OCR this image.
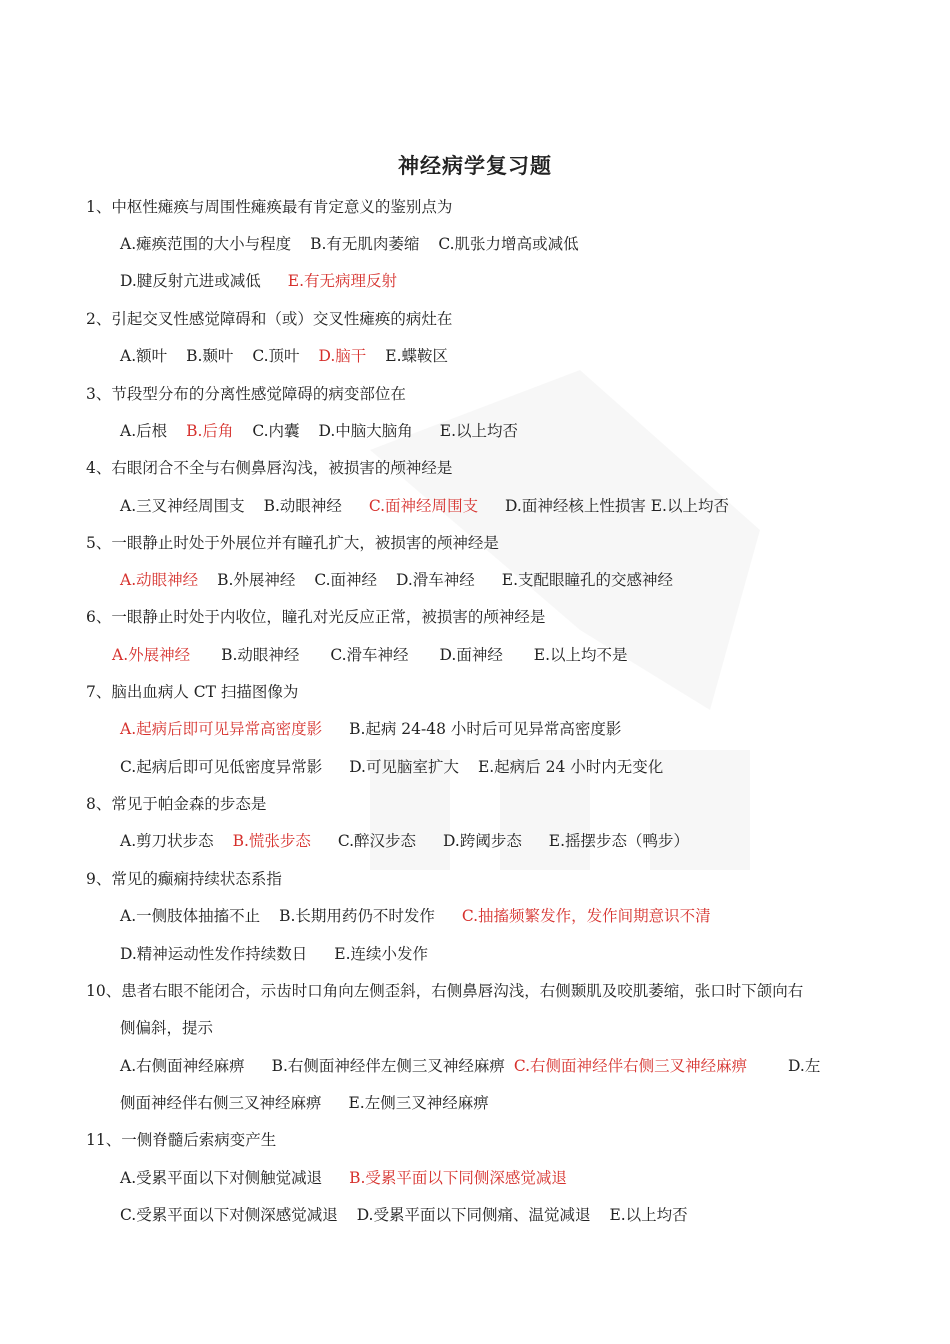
神经病学复习题
1、中枢性瘫痪与周围性瘫痪最有肯定意义的鉴别点为
A.瘫痪范围的大小与程度 B.有无肌肉萎缩 C.肌张力增高或减低
D.腱反射亢进或减低 E.有无病理反射
2、引起交叉性感觉障碍和（或）交叉性瘫痪的病灶在
A.额叶 B.颞叶 C.顶叶 D.脑干 E.蝶鞍区
3、节段型分布的分离性感觉障碍的病变部位在
A.后根 B.后角 C.内囊 D.中脑大脑角 E.以上均否
4、右眼闭合不全与右侧鼻唇沟浅，被损害的颅神经是
A.三叉神经周围支 B.动眼神经 C.面神经周围支 D.面神经核上性损害 E.以上均否
5、一眼静止时处于外展位并有瞳孔扩大，被损害的颅神经是
A.动眼神经 B.外展神经 C.面神经 D.滑车神经 E.支配眼瞳孔的交感神经
6、一眼静止时处于内收位，瞳孔对光反应正常，被损害的颅神经是
A.外展神经 B.动眼神经 C.滑车神经 D.面神经 E.以上均不是
7、脑出血病人 CT 扫描图像为
A.起病后即可见异常高密度影 B.起病 24-48 小时后可见异常高密度影
C.起病后即可见低密度异常影 D.可见脑室扩大 E.起病后 24 小时内无变化
8、常见于帕金森的步态是
A.剪刀状步态 B.慌张步态 C.醉汉步态 D.跨阈步态 E.摇摆步态（鸭步）
9、常见的癫痫持续状态系指
A.一侧肢体抽搐不止 B.长期用药仍不时发作 C.抽搐频繁发作，发作间期意识不清
D.精神运动性发作持续数日 E.连续小发作
10、患者右眼不能闭合，示齿时口角向左侧歪斜，右侧鼻唇沟浅，右侧颞肌及咬肌萎缩，张口时下颌向右
侧偏斜，提示
A.右侧面神经麻痹 B.右侧面神经伴左侧三叉神经麻痹 C.右侧面神经伴右侧三叉神经麻痹	D.左
侧面神经伴右侧三叉神经麻痹 E.左侧三叉神经麻痹
11、一侧脊髓后索病变产生
A.受累平面以下对侧触觉减退 B.受累平面以下同侧深感觉减退
C.受累平面以下对侧深感觉减退 D.受累平面以下同侧痛、温觉减退 E.以上均否
